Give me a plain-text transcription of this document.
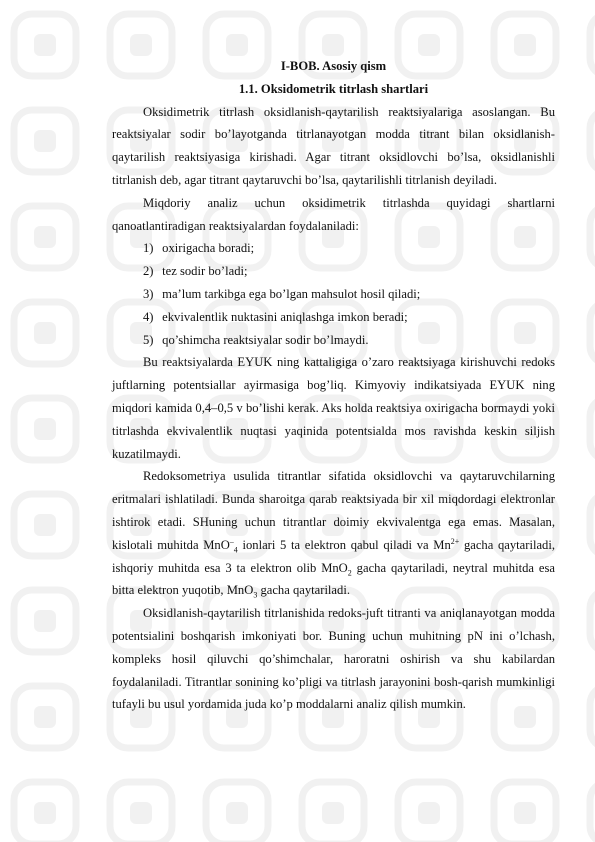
I-BOB. Asosiy qism
1.1. Oksidometrik titrlash shartlari

Oksidimetrik titrlash oksidlanish-qaytarilish reaktsiyalariga asoslangan. Bu reaktsiyalar sodir bo’layotganda titrlanayotgan modda titrant bilan oksidlanish-qaytarilish reaktsiyasiga kirishadi. Agar titrant oksidlovchi bo’lsa, oksidlanishli titrlanish deb, agar titrant qaytaruvchi bo’lsa, qaytarilishli titrlanish deyiladi.

Miqdoriy analiz uchun oksidimetrik titrlashda quyidagi shartlarni qanoatlantiradigan reaktsiyalardan foydalaniladi:

1) oxirigacha boradi;
2) tez sodir bo’ladi;
3) ma’lum tarkibga ega bo’lgan mahsulot hosil qiladi;
4) ekvivalentlik nuktasini aniqlashga imkon beradi;
5) qo’shimcha reaktsiyalar sodir bo’lmaydi.

Bu reaktsiyalarda EYUK ning kattaligiga o’zaro reaktsiyaga kirishuvchi redoks juftlarning potentsiallar ayirmasiga bog’liq. Kimyoviy indikatsiyada EYUK ning miqdori kamida 0,4–0,5 v bo’lishi kerak. Aks holda reaktsiya oxirigacha bormaydi yoki titrlashda ekvivalentlik nuqtasi yaqinida potentsialda mos ravishda keskin siljish kuzatilmaydi.

Redoksometriya usulida titrantlar sifatida oksidlovchi va qaytaruvchilarning eritmalari ishlatiladi. Bunda sharoitga qarab reaktsiyada bir xil miqdordagi elektronlar ishtirok etadi. SHuning uchun titrantlar doimiy ekvivalentga ega emas. Masalan, kislotali muhitda MnO–$_4$ ionlari 5 ta elektron qabul qiladi va $Mn^{2+}$ gacha qaytariladi, ishqoriy muhitda esa 3 ta elektron olib MnO$_2$ gacha qaytariladi, neytral muhitda esa bitta elektron yuqotib, MnO$_3$ gacha qaytariladi.

Oksidlanish-qaytarilish titrlanishida redoks-juft titranti va aniqlanayotgan modda potentsialini boshqarish imkoniyati bor. Buning uchun muhitning pN ini o’lchash, kompleks hosil qiluvchi qo’shimchalar, haroratni oshirish va shu kabilardan foydalaniladi. Titrantlar sonining ko’pligi va titrlash jarayonini bosh-qarish mumkinligi tufayli bu usul yordamida juda ko’p moddalarni analiz qilish mumkin.
